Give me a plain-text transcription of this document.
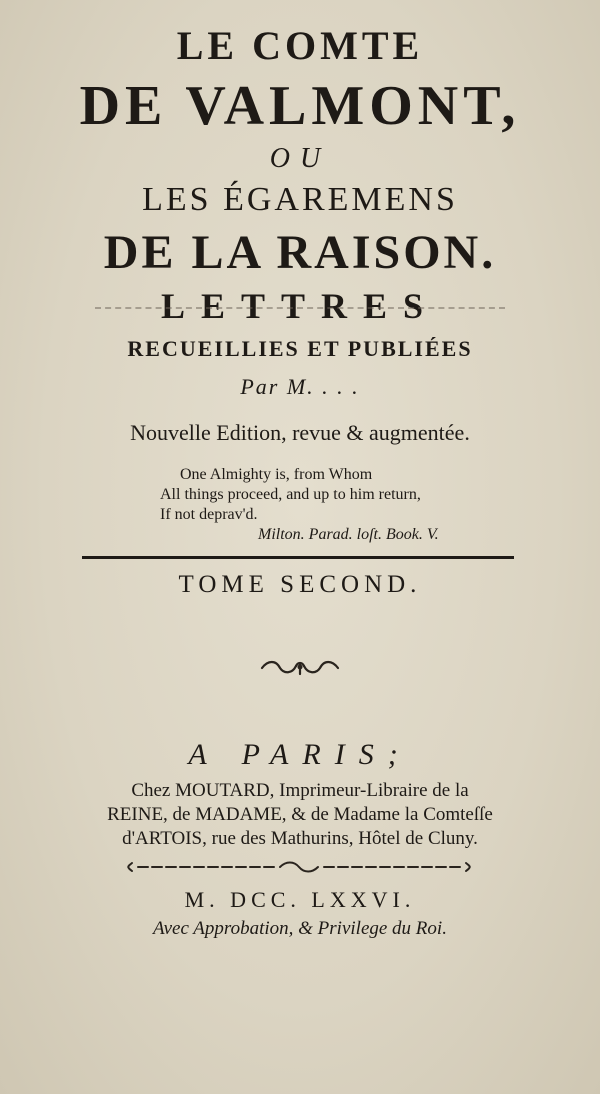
LE COMTE
DE VALMONT,
OU
LES ÉGAREMENS
DE LA RAISON.
LETTRES
RECUEILLIES ET PUBLIÉES
Par M. . . .
Nouvelle Edition, revue & augmentée.
One Almighty is, from Whom
All things proceed, and up to him return,
If not deprav'd.
Milton. Parad. loſt. Book. V.
TOME SECOND.
A PARIS;
Chez MOUTARD, Imprimeur-Libraire de la
REINE, de MADAME, & de Madame la Comteſſe
d'ARTOIS, rue des Mathurins, Hôtel de Cluny.
M. DCC. LXXVI.
Avec Approbation, & Privilege du Roi.
